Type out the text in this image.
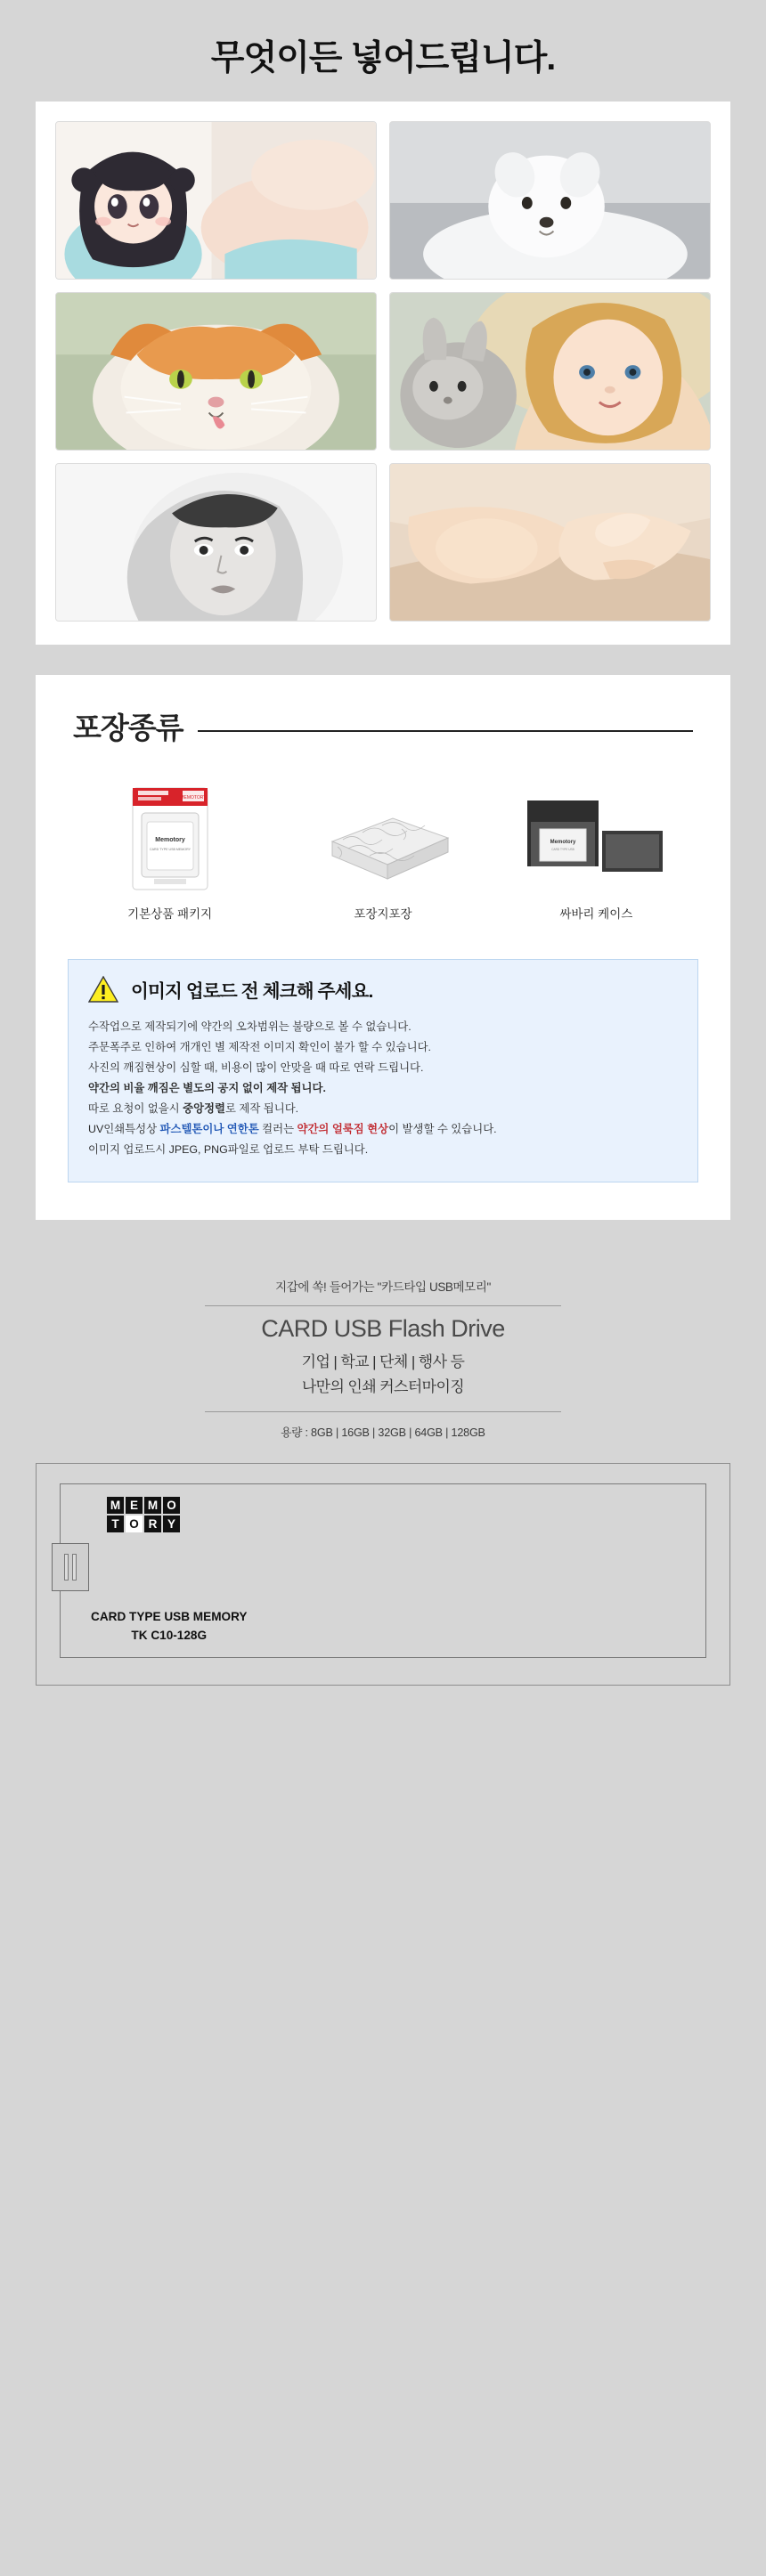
무엇이든 넣어드립니다.
포장종류
MEMOTORY
Memotory
CARD TYPE USB MEMORY
기본상품 패키지	포장지포장
Memotory
CARD TYPE USB
싸바리 케이스
이미지 업로드 전 체크해 주세요.
수작업으로 제작되기에 약간의 오차범위는 불량으로 볼 수 없습니다.
주문폭주로 인하여 개개인 별 제작전 이미지 확인이 불가 할 수 있습니다.
사진의 깨짐현상이 심할 때, 비용이 많이 안맞을 때 따로 연락 드립니다.
약간의 비율 깨짐은 별도의 공지 없이 제작 됩니다.
따로 요청이 없을시 중앙정렬로 제작 됩니다.
UV인쇄특성상 파스텔톤이나 연한톤 컬러는 약간의 얼룩짐 현상이 발생할 수 있습니다.
이미지 업로드시 JPEG, PNG파일로 업로드 부탁 드립니다.
지갑에 쏙! 들어가는 "카드타입 USB메모리"
CARD USB Flash Drive
기업 | 학교 | 단체 | 행사 등
나만의 인쇄 커스터마이징
용량 : 8GB | 16GB | 32GB | 64GB | 128GB
M E M O
T O R Y
CARD TYPE USB MEMORY
TK C10-128G
